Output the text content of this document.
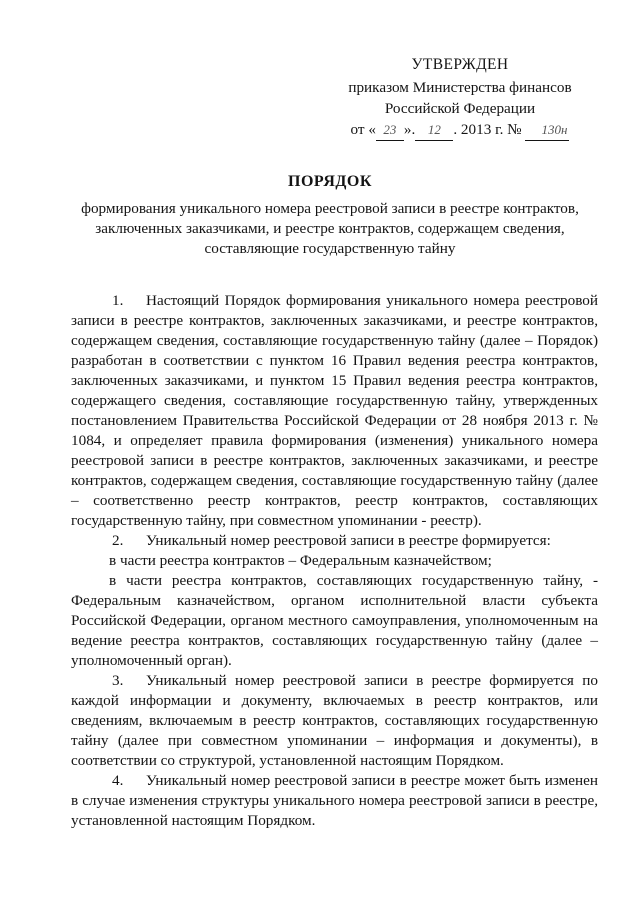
УТВЕРЖДЕН
приказом Министерства финансов
Российской Федерации
от « 23 ». 12 . 2013 г. № 130н
ПОРЯДОК
формирования уникального номера реестровой записи в реестре контрактов,
заключенных заказчиками, и реестре контрактов, содержащем сведения,
составляющие государственную тайну

1. Настоящий Порядок формирования уникального номера реестровой записи в реестре контрактов, заключенных заказчиками, и реестре контрактов, содержащем сведения, составляющие государственную тайну (далее – Порядок) разработан в соответствии с пунктом 16 Правил ведения реестра контрактов, заключенных заказчиками, и пунктом 15 Правил ведения реестра контрактов, содержащего сведения, составляющие государственную тайну, утвержденных постановлением Правительства Российской Федерации от 28 ноября 2013 г. № 1084, и определяет правила формирования (изменения) уникального номера реестровой записи в реестре контрактов, заключенных заказчиками, и реестре контрактов, содержащем сведения, составляющие государственную тайну (далее – соответственно реестр контрактов, реестр контрактов, составляющих государственную тайну, при совместном упоминании - реестр).

2. Уникальный номер реестровой записи в реестре формируется:

в части реестра контрактов – Федеральным казначейством;

в части реестра контрактов, составляющих государственную тайну, - Федеральным казначейством, органом исполнительной власти субъекта Российской Федерации, органом местного самоуправления, уполномоченным на ведение реестра контрактов, составляющих государственную тайну (далее – уполномоченный орган).

3. Уникальный номер реестровой записи в реестре формируется по каждой информации и документу, включаемых в реестр контрактов, или сведениям, включаемым в реестр контрактов, составляющих государственную тайну (далее при совместном упоминании – информация и документы), в соответствии со структурой, установленной настоящим Порядком.

4. Уникальный номер реестровой записи в реестре может быть изменен в случае изменения структуры уникального номера реестровой записи в реестре, установленной настоящим Порядком.
